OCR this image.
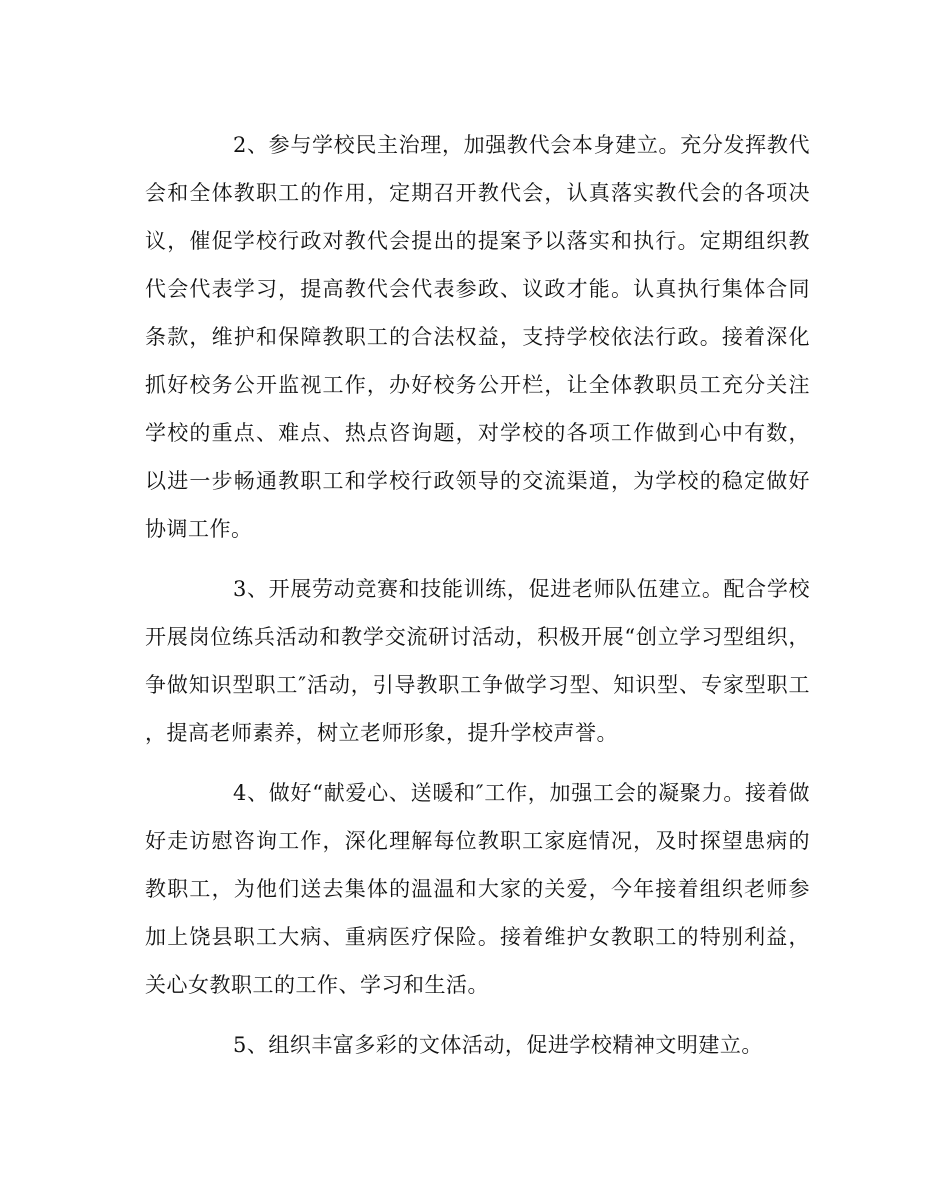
2、参与学校民主治理，加强教代会本身建立。充分发挥教代会和全体教职工的作用，定期召开教代会，认真落实教代会的各项决议，催促学校行政对教代会提出的提案予以落实和执行。定期组织教代会代表学习，提高教代会代表参政、议政才能。认真执行集体合同条款，维护和保障教职工的合法权益，支持学校依法行政。接着深化抓好校务公开监视工作，办好校务公开栏，让全体教职员工充分关注学校的重点、难点、热点咨询题，对学校的各项工作做到心中有数，以进一步畅通教职工和学校行政领导的交流渠道，为学校的稳定做好协调工作。

3、开展劳动竞赛和技能训练，促进老师队伍建立。配合学校开展岗位练兵活动和教学交流研讨活动，积极开展“创立学习型组织，争做知识型职工″活动，引导教职工争做学习型、知识型、专家型职工，提高老师素养，树立老师形象，提升学校声誉。

4、做好“献爱心、送暖和″工作，加强工会的凝聚力。接着做好走访慰咨询工作，深化理解每位教职工家庭情况，及时探望患病的教职工，为他们送去集体的温温和大家的关爱，今年接着组织老师参加上饶县职工大病、重病医疗保险。接着维护女教职工的特别利益，关心女教职工的工作、学习和生活。

5、组织丰富多彩的文体活动，促进学校精神文明建立。
